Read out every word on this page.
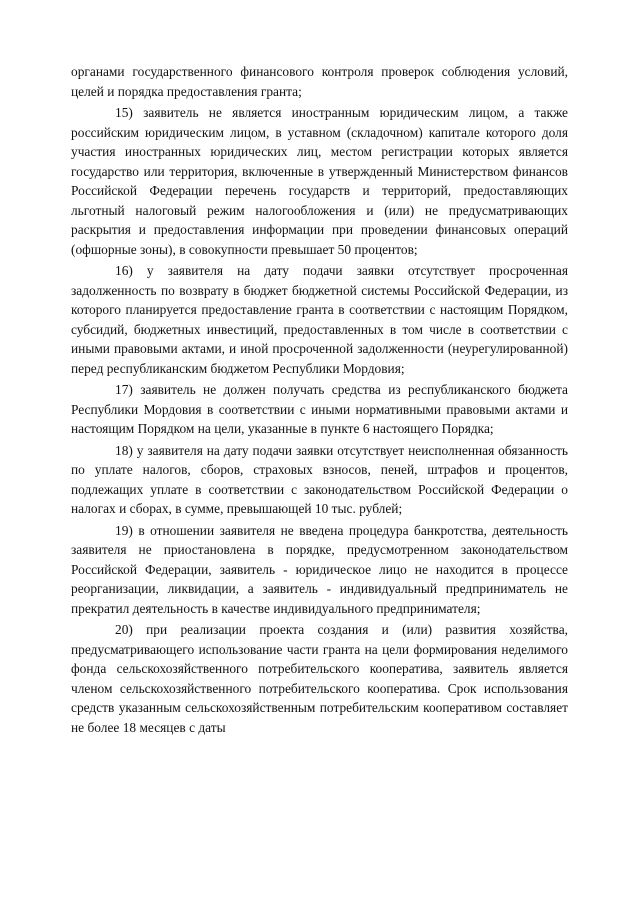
органами государственного финансового контроля проверок соблюдения условий, целей и порядка предоставления гранта;

15) заявитель не является иностранным юридическим лицом, а также российским юридическим лицом, в уставном (складочном) капитале которого доля участия иностранных юридических лиц, местом регистрации которых является государство или территория, включенные в утвержденный Министерством финансов Российской Федерации перечень государств и территорий, предоставляющих льготный налоговый режим налогообложения и (или) не предусматривающих раскрытия и предоставления информации при проведении финансовых операций (офшорные зоны), в совокупности превышает 50 процентов;

16) у заявителя на дату подачи заявки отсутствует просроченная задолженность по возврату в бюджет бюджетной системы Российской Федерации, из которого планируется предоставление гранта в соответствии с настоящим Порядком, субсидий, бюджетных инвестиций, предоставленных в том числе в соответствии с иными правовыми актами, и иной просроченной задолженности (неурегулированной) перед республиканским бюджетом Республики Мордовия;

17) заявитель не должен получать средства из республиканского бюджета Республики Мордовия в соответствии с иными нормативными правовыми актами и настоящим Порядком на цели, указанные в пункте 6 настоящего Порядка;

18) у заявителя на дату подачи заявки отсутствует неисполненная обязанность по уплате налогов, сборов, страховых взносов, пеней, штрафов и процентов, подлежащих уплате в соответствии с законодательством Российской Федерации о налогах и сборах, в сумме, превышающей 10 тыс. рублей;

19) в отношении заявителя не введена процедура банкротства, деятельность заявителя не приостановлена в порядке, предусмотренном законодательством Российской Федерации, заявитель - юридическое лицо не находится в процессе реорганизации, ликвидации, а заявитель - индивидуальный предприниматель не прекратил деятельность в качестве индивидуального предпринимателя;

20) при реализации проекта создания и (или) развития хозяйства, предусматривающего использование части гранта на цели формирования неделимого фонда сельскохозяйственного потребительского кооператива, заявитель является членом сельскохозяйственного потребительского кооператива. Срок использования средств указанным сельскохозяйственным потребительским кооперативом составляет не более 18 месяцев с даты
